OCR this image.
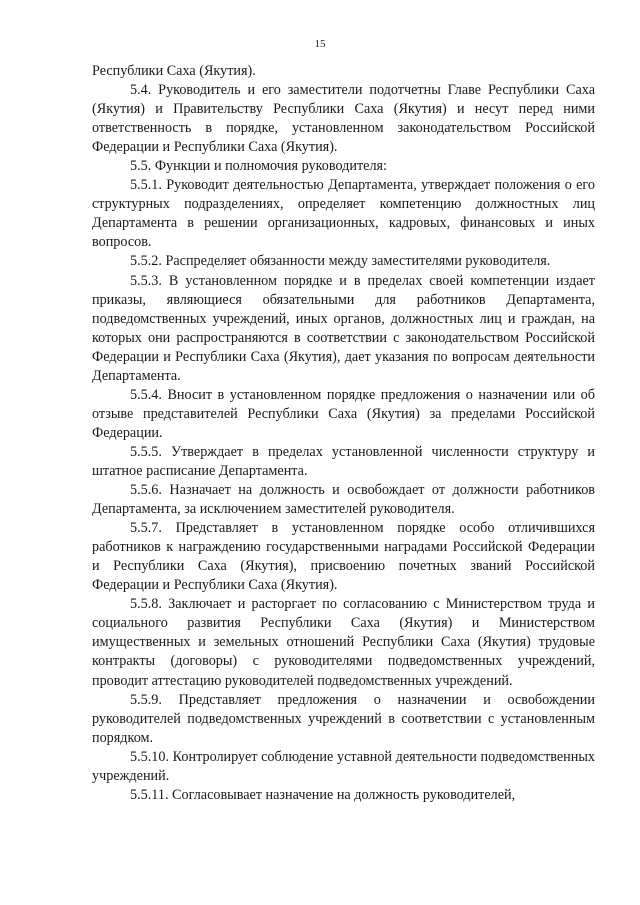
15

Республики Саха (Якутия).

5.4. Руководитель и его заместители подотчетны Главе Республики Саха (Якутия) и Правительству Республики Саха (Якутия) и несут перед ними ответственность в порядке, установленном законодательством Российской Федерации и Республики Саха (Якутия).

5.5. Функции и полномочия руководителя:

5.5.1. Руководит деятельностью Департамента, утверждает положения о его структурных подразделениях, определяет компетенцию должностных лиц Департамента в решении организационных, кадровых, финансовых и иных вопросов.

5.5.2. Распределяет обязанности между заместителями руководителя.

5.5.3. В установленном порядке и в пределах своей компетенции издает приказы, являющиеся обязательными для работников Департамента, подведомственных учреждений, иных органов, должностных лиц и граждан, на которых они распространяются в соответствии с законодательством Российской Федерации и Республики Саха (Якутия), дает указания по вопросам деятельности Департамента.

5.5.4. Вносит в установленном порядке предложения о назначении или об отзыве представителей Республики Саха (Якутия) за пределами Российской Федерации.

5.5.5. Утверждает в пределах установленной численности структуру и штатное расписание Департамента.

5.5.6. Назначает на должность и освобождает от должности работников Департамента, за исключением заместителей руководителя.

5.5.7. Представляет в установленном порядке особо отличившихся работников к награждению государственными наградами Российской Федерации и Республики Саха (Якутия), присвоению почетных званий Российской Федерации и Республики Саха (Якутия).

5.5.8. Заключает и расторгает по согласованию с Министерством труда и социального развития Республики Саха (Якутия) и Министерством имущественных и земельных отношений Республики Саха (Якутия) трудовые контракты (договоры) с руководителями подведомственных учреждений, проводит аттестацию руководителей подведомственных учреждений.

5.5.9. Представляет предложения о назначении и освобождении руководителей подведомственных учреждений в соответствии с установленным порядком.

5.5.10. Контролирует соблюдение уставной деятельности подведомственных учреждений.

5.5.11. Согласовывает назначение на должность руководителей,
